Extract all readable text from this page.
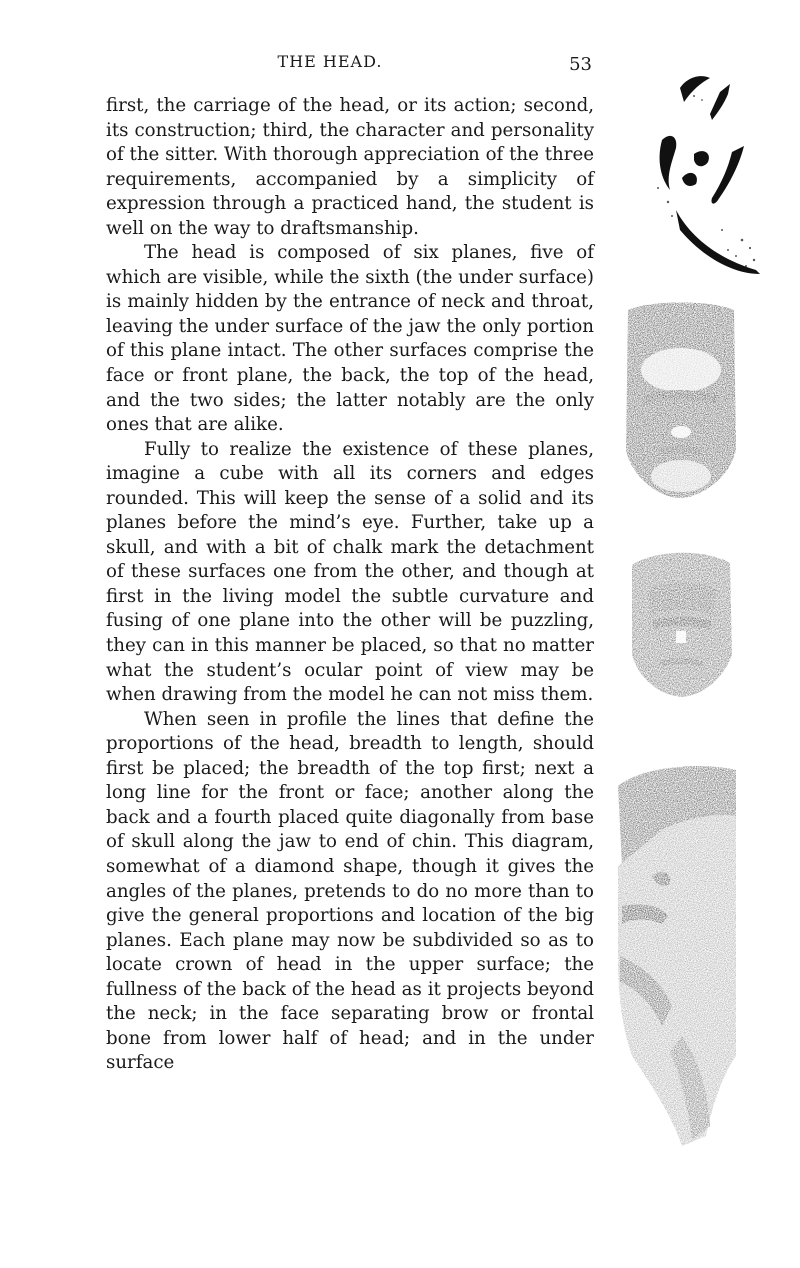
THE HEAD.	53

first, the carriage of the head, or its action; second, its construction; third, the character and personality of the sitter. With thorough appreciation of the three requirements, accompanied by a simplicity of expression through a practiced hand, the student is well on the way to draftsmanship.

The head is composed of six planes, five of which are visible, while the sixth (the under surface) is mainly hidden by the entrance of neck and throat, leaving the under surface of the jaw the only portion of this plane intact. The other surfaces comprise the face or front plane, the back, the top of the head, and the two sides; the latter notably are the only ones that are alike.

Fully to realize the existence of these planes, imagine a cube with all its corners and edges rounded. This will keep the sense of a solid and its planes before the mind’s eye. Further, take up a skull, and with a bit of chalk mark the detachment of these surfaces one from the other, and though at first in the living model the subtle curvature and fusing of one plane into the other will be puzzling, they can in this manner be placed, so that no matter what the student’s ocular point of view may be when drawing from the model he can not miss them.

When seen in profile the lines that define the proportions of the head, breadth to length, should first be placed; the breadth of the top first; next a long line for the front or face; another along the back and a fourth placed quite diagonally from base of skull along the jaw to end of chin. This diagram, somewhat of a diamond shape, though it gives the angles of the planes, pretends to do no more than to give the general proportions and location of the big planes. Each plane may now be subdivided so as to locate crown of head in the upper surface; the fullness of the back of the head as it projects beyond the neck; in the face separating brow or frontal bone from lower half of head; and in the under surface
